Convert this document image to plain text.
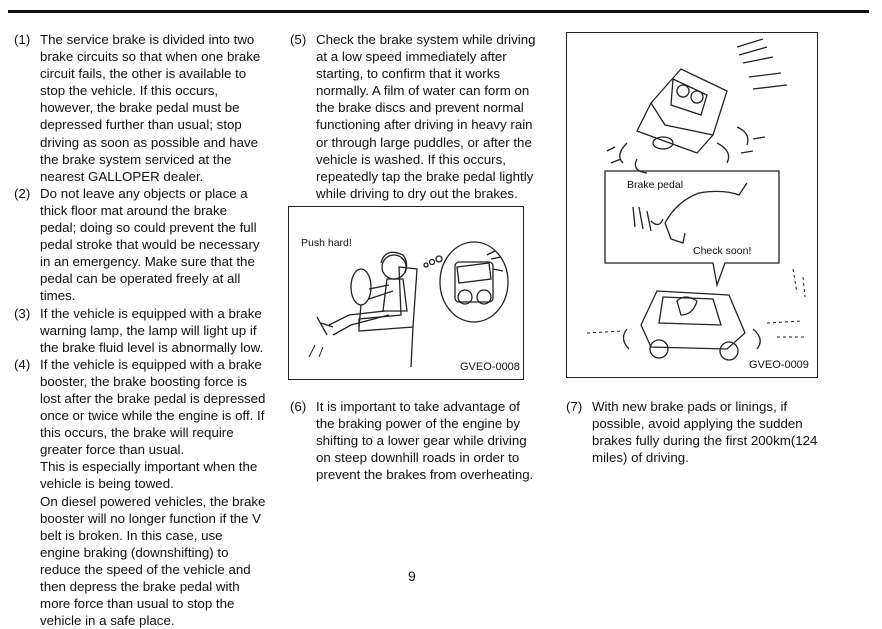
(1) The service brake is divided into two brake circuits so that when one brake circuit fails, the other is available to stop the vehicle. If this occurs, however, the brake pedal must be depressed further than usual; stop driving as soon as possible and have the brake system serviced at the nearest GALLOPER dealer.

(2) Do not leave any objects or place a thick floor mat around the brake pedal; doing so could prevent the full pedal stroke that would be necessary in an emergency. Make sure that the pedal can be operated freely at all times.

(3) If the vehicle is equipped with a brake warning lamp, the lamp will light up if the brake fluid level is abnormally low.

(4) If the vehicle is equipped with a brake booster, the brake boosting force is lost after the brake pedal is depressed once or twice while the engine is off. If this occurs, the brake will require greater force than usual.

This is especially important when the vehicle is being towed.

On diesel powered vehicles, the brake booster will no longer function if the V belt is broken. In this case, use engine braking (downshifting) to reduce the speed of the vehicle and then depress the brake pedal with more force than usual to stop the vehicle in a safe place.

(5) Check the brake system while driving at a low speed immediately after starting, to confirm that it works normally. A film of water can form on the brake discs and prevent normal functioning after driving in heavy rain or through large puddles, or after the vehicle is washed. If this occurs, repeatedly tap the brake pedal lightly while driving to dry out the brakes.

Push hard!
GVEO-0008
(6) It is important to take advantage of the braking power of the engine by shifting to a lower gear while driving on steep downhill roads in order to prevent the brakes from overheating.

Brake pedal
Check soon!
GVEO-0009
(7) With new brake pads or linings, if possible, avoid applying the sudden brakes fully during the first 200km(124 miles) of driving.

9
